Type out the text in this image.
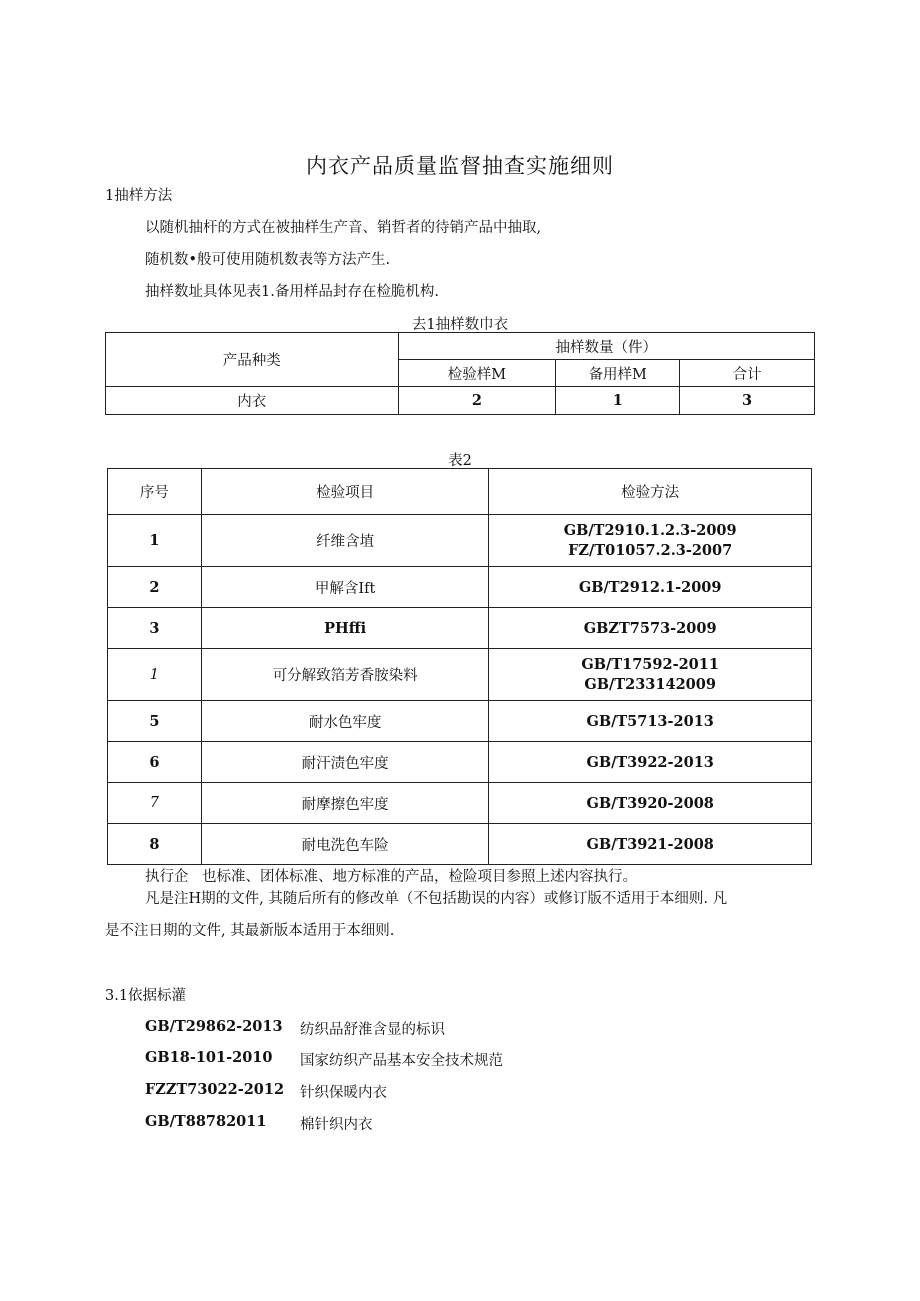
内衣产品质量监督抽查实施细则
1抽样方法
以随机抽杆的方式在被抽样生产音、销哲者的待销产品中抽取,
随机数•般可使用随机数表等方法产生.
抽样数址具体见表1.备用样品封存在检脆机构.
去1抽样数巾衣
产品种类	抽样数量（件）		
	检验样M	备用样M	合计
内衣	2	1	3
表2
序号	检验项目	检验方法
1	纤维含埴	GB/T2910.1.2.3-2009
FZ/T01057.2.3-2007

2	甲解含Ift	GB/T2912.1-2009
3	PHffi	GBZT7573-2009
1	可分解致箔芳香胺染料	GB/T17592-2011
GB/T233142009

5	耐水色牢度	GB/T5713-2013
6	耐汗渍色牢度	GB/T3922-2013
7	耐摩擦色牢度	GB/T3920-2008
8	耐电洗色车险	GB/T3921-2008
执行企 也标准、团体标准、地方标准的产品，检险项目参照上述内容执行。
凡是注H期的文件, 其随后所有的修改单（不包括勘误的内容）或修订版不适用于本细则. 凡
是不注日期的文件, 其最新版本适用于本细则.
3.1依据标灌
GB/T29862-2013 纺织品舒淮含显的标识
GB18-101-2010 国家纺织产品基本安全技术规范
FZZT73022-2012 针织保暖内衣
GB/T88782011 棉针织内衣
